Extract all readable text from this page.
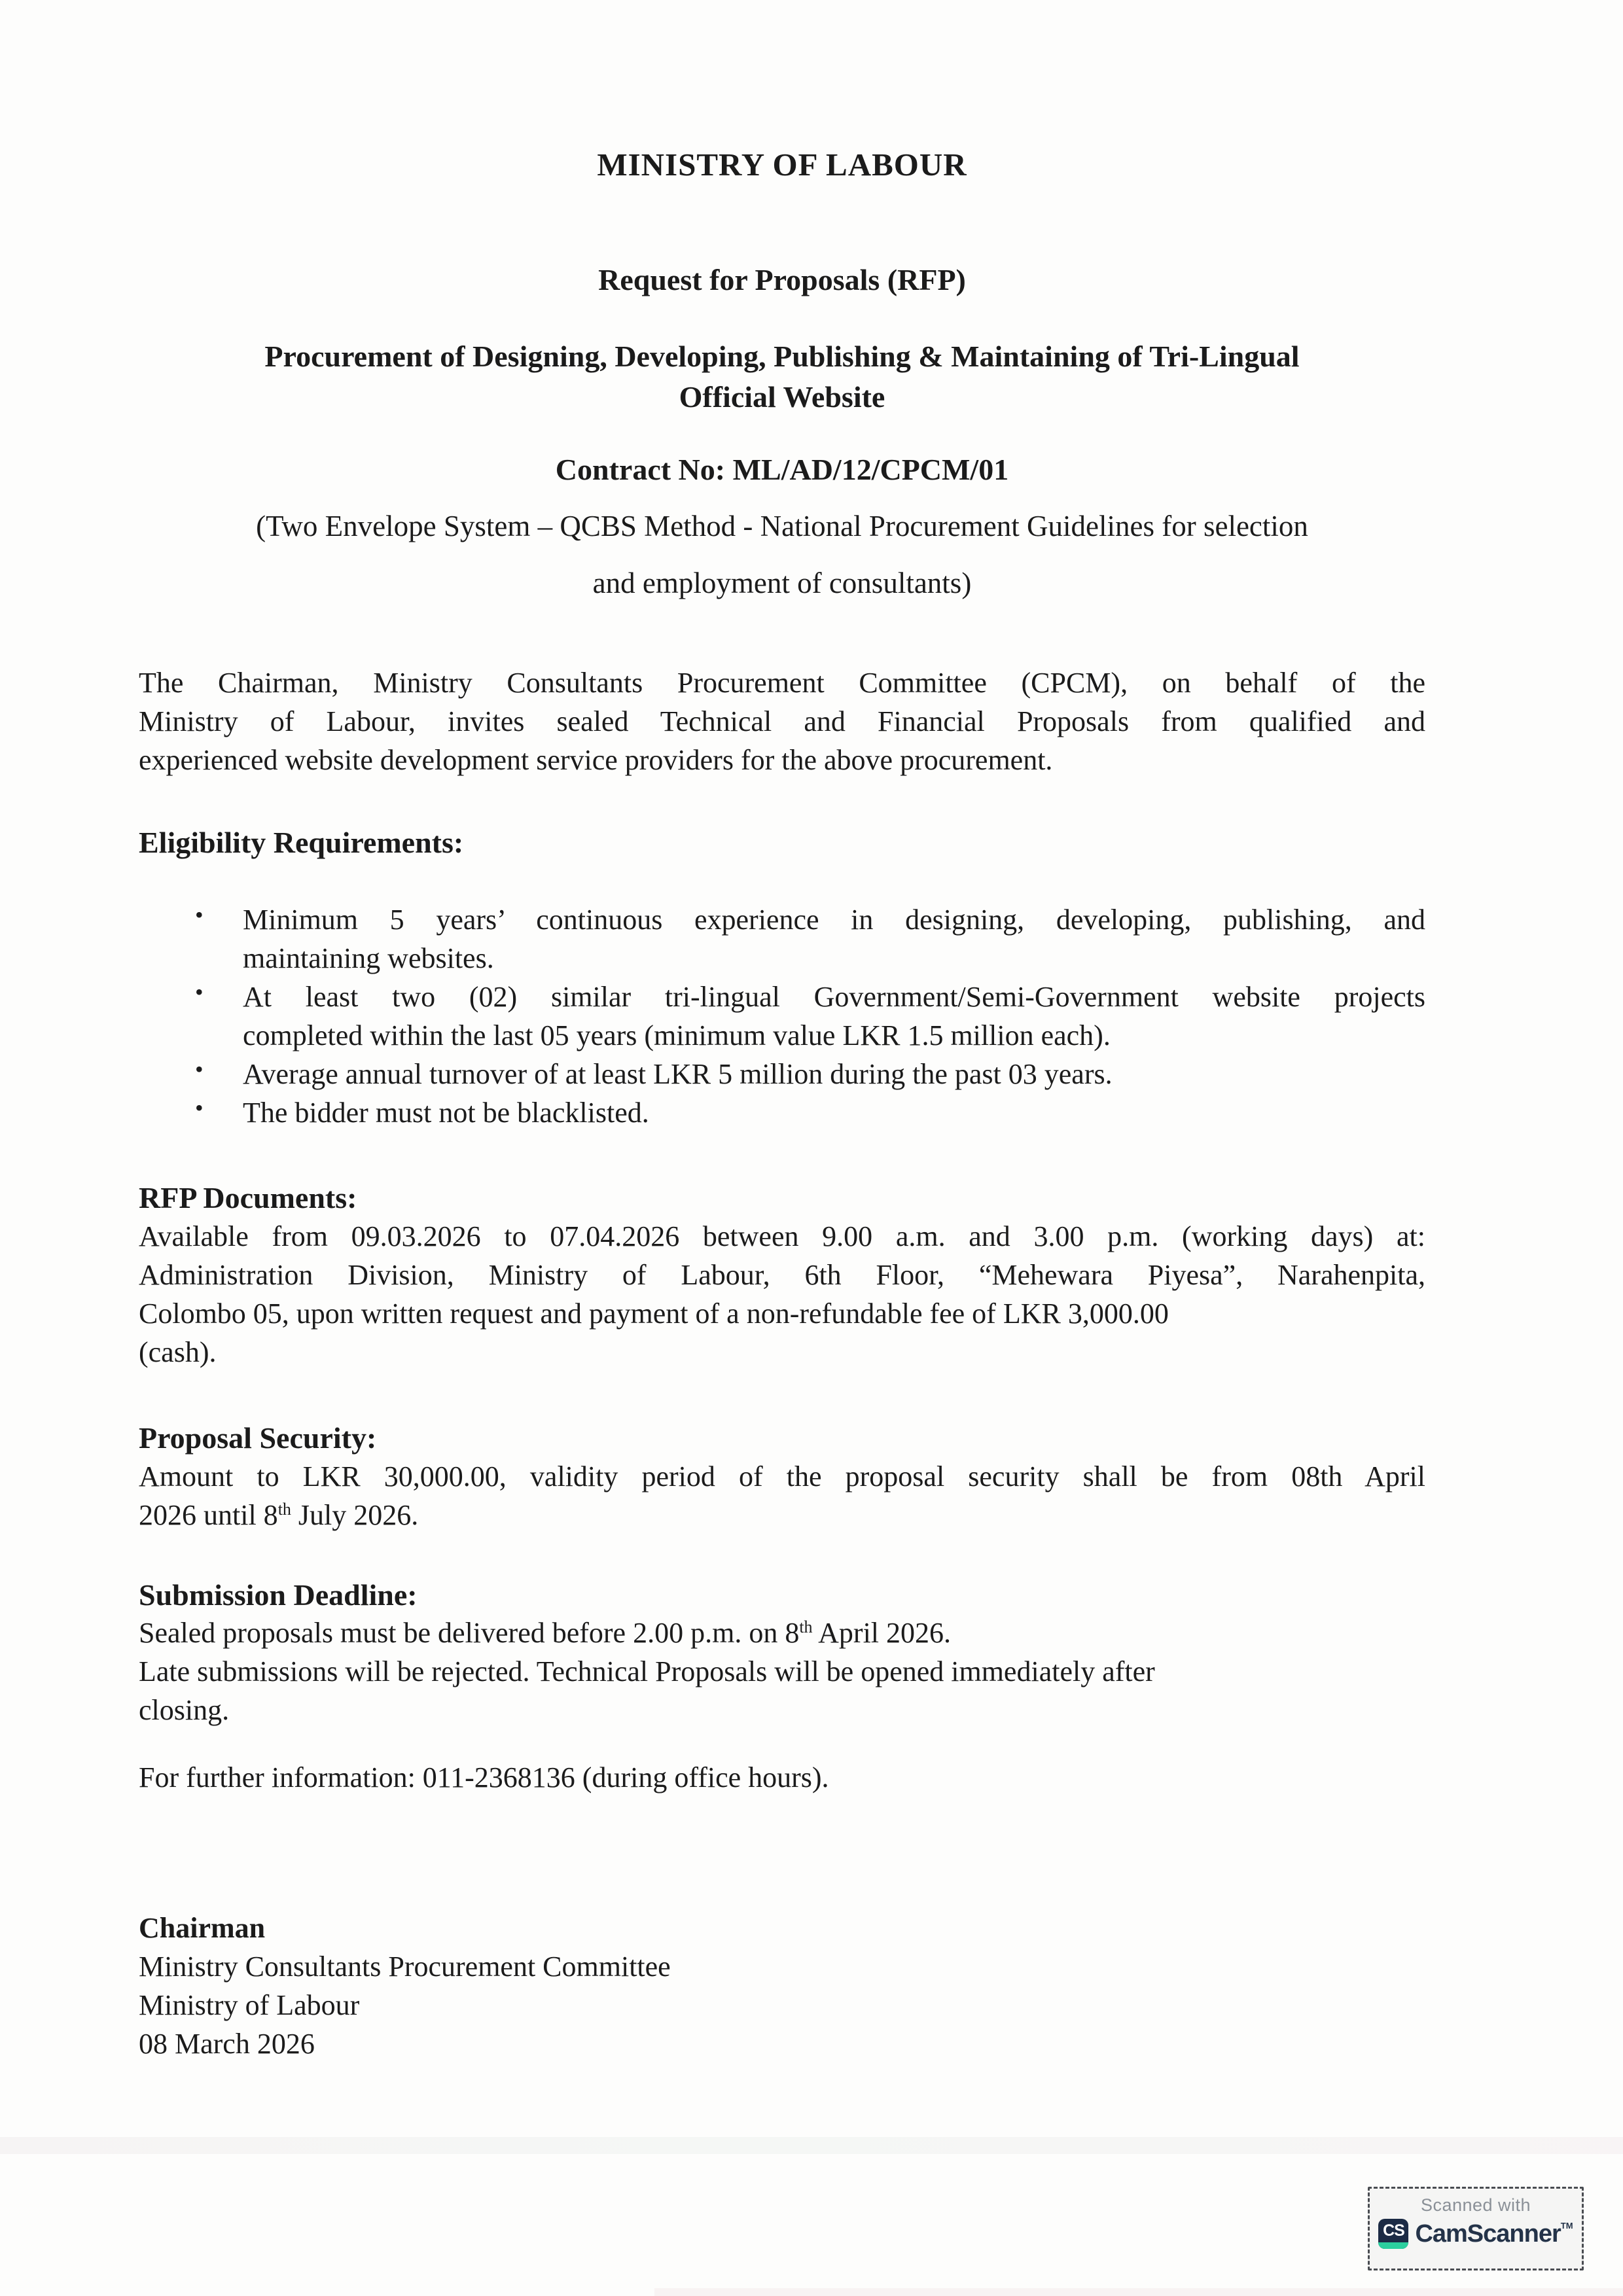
MINISTRY OF LABOUR
Request for Proposals (RFP)
Procurement of Designing, Developing, Publishing & Maintaining of Tri-Lingual
Official Website
Contract No: ML/AD/12/CPCM/01
(Two Envelope System – QCBS Method - National Procurement Guidelines for selection
and employment of consultants)
The Chairman, Ministry Consultants Procurement Committee (CPCM), on behalf of the
Ministry of Labour, invites sealed Technical and Financial Proposals from qualified and
experienced website development service providers for the above procurement.
Eligibility Requirements:
• Minimum 5 years’ continuous experience in designing, developing, publishing, and
maintaining websites.
• At least two (02) similar tri-lingual Government/Semi-Government website projects
completed within the last 05 years (minimum value LKR 1.5 million each).
• Average annual turnover of at least LKR 5 million during the past 03 years.
• The bidder must not be blacklisted.
RFP Documents:
Available from 09.03.2026 to 07.04.2026 between 9.00 a.m. and 3.00 p.m. (working days) at:
Administration Division, Ministry of Labour, 6th Floor, “Mehewara Piyesa”, Narahenpita,
Colombo 05, upon written request and payment of a non-refundable fee of LKR 3,000.00
(cash).
Proposal Security:
Amount to LKR 30,000.00, validity period of the proposal security shall be from 08th April
2026 until 8th July 2026.
Submission Deadline:
Sealed proposals must be delivered before 2.00 p.m. on 8th April 2026.
Late submissions will be rejected. Technical Proposals will be opened immediately after
closing.
For further information: 011-2368136 (during office hours).
Chairman
Ministry Consultants Procurement Committee
Ministry of Labour
08 March 2026
Scanned with
CS CamScanner™
